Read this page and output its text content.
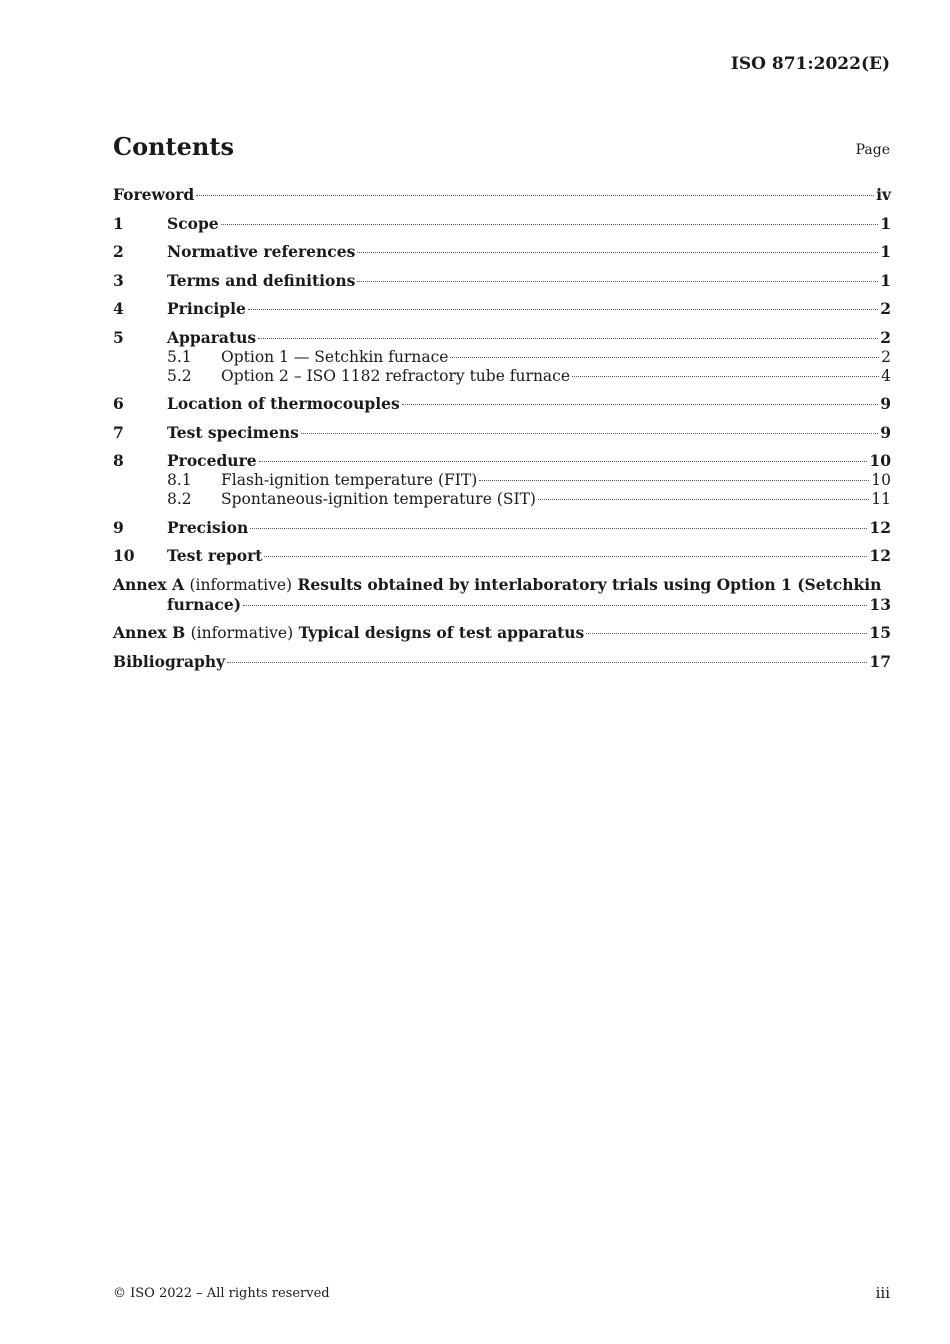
ISO 871:2022(E)
Contents	Page
Foreword	iv
1	Scope	1
2	Normative references	1
3	Terms and definitions	1
4	Principle	2
5	Apparatus	2
5.1	Option 1 — Setchkin furnace	2
5.2	Option 2 – ISO 1182 refractory tube furnace	4
6	Location of thermocouples	9
7	Test specimens	9
8	Procedure	10
8.1	Flash-ignition temperature (FIT)	10
8.2	Spontaneous-ignition temperature (SIT)	11
9	Precision	12
10	Test report	12
Annex A (informative) Results obtained by interlaboratory trials using Option 1 (Setchkin
furnace)	13
Annex B (informative) Typical designs of test apparatus	15
Bibliography	17
© ISO 2022 – All rights reserved	iii
